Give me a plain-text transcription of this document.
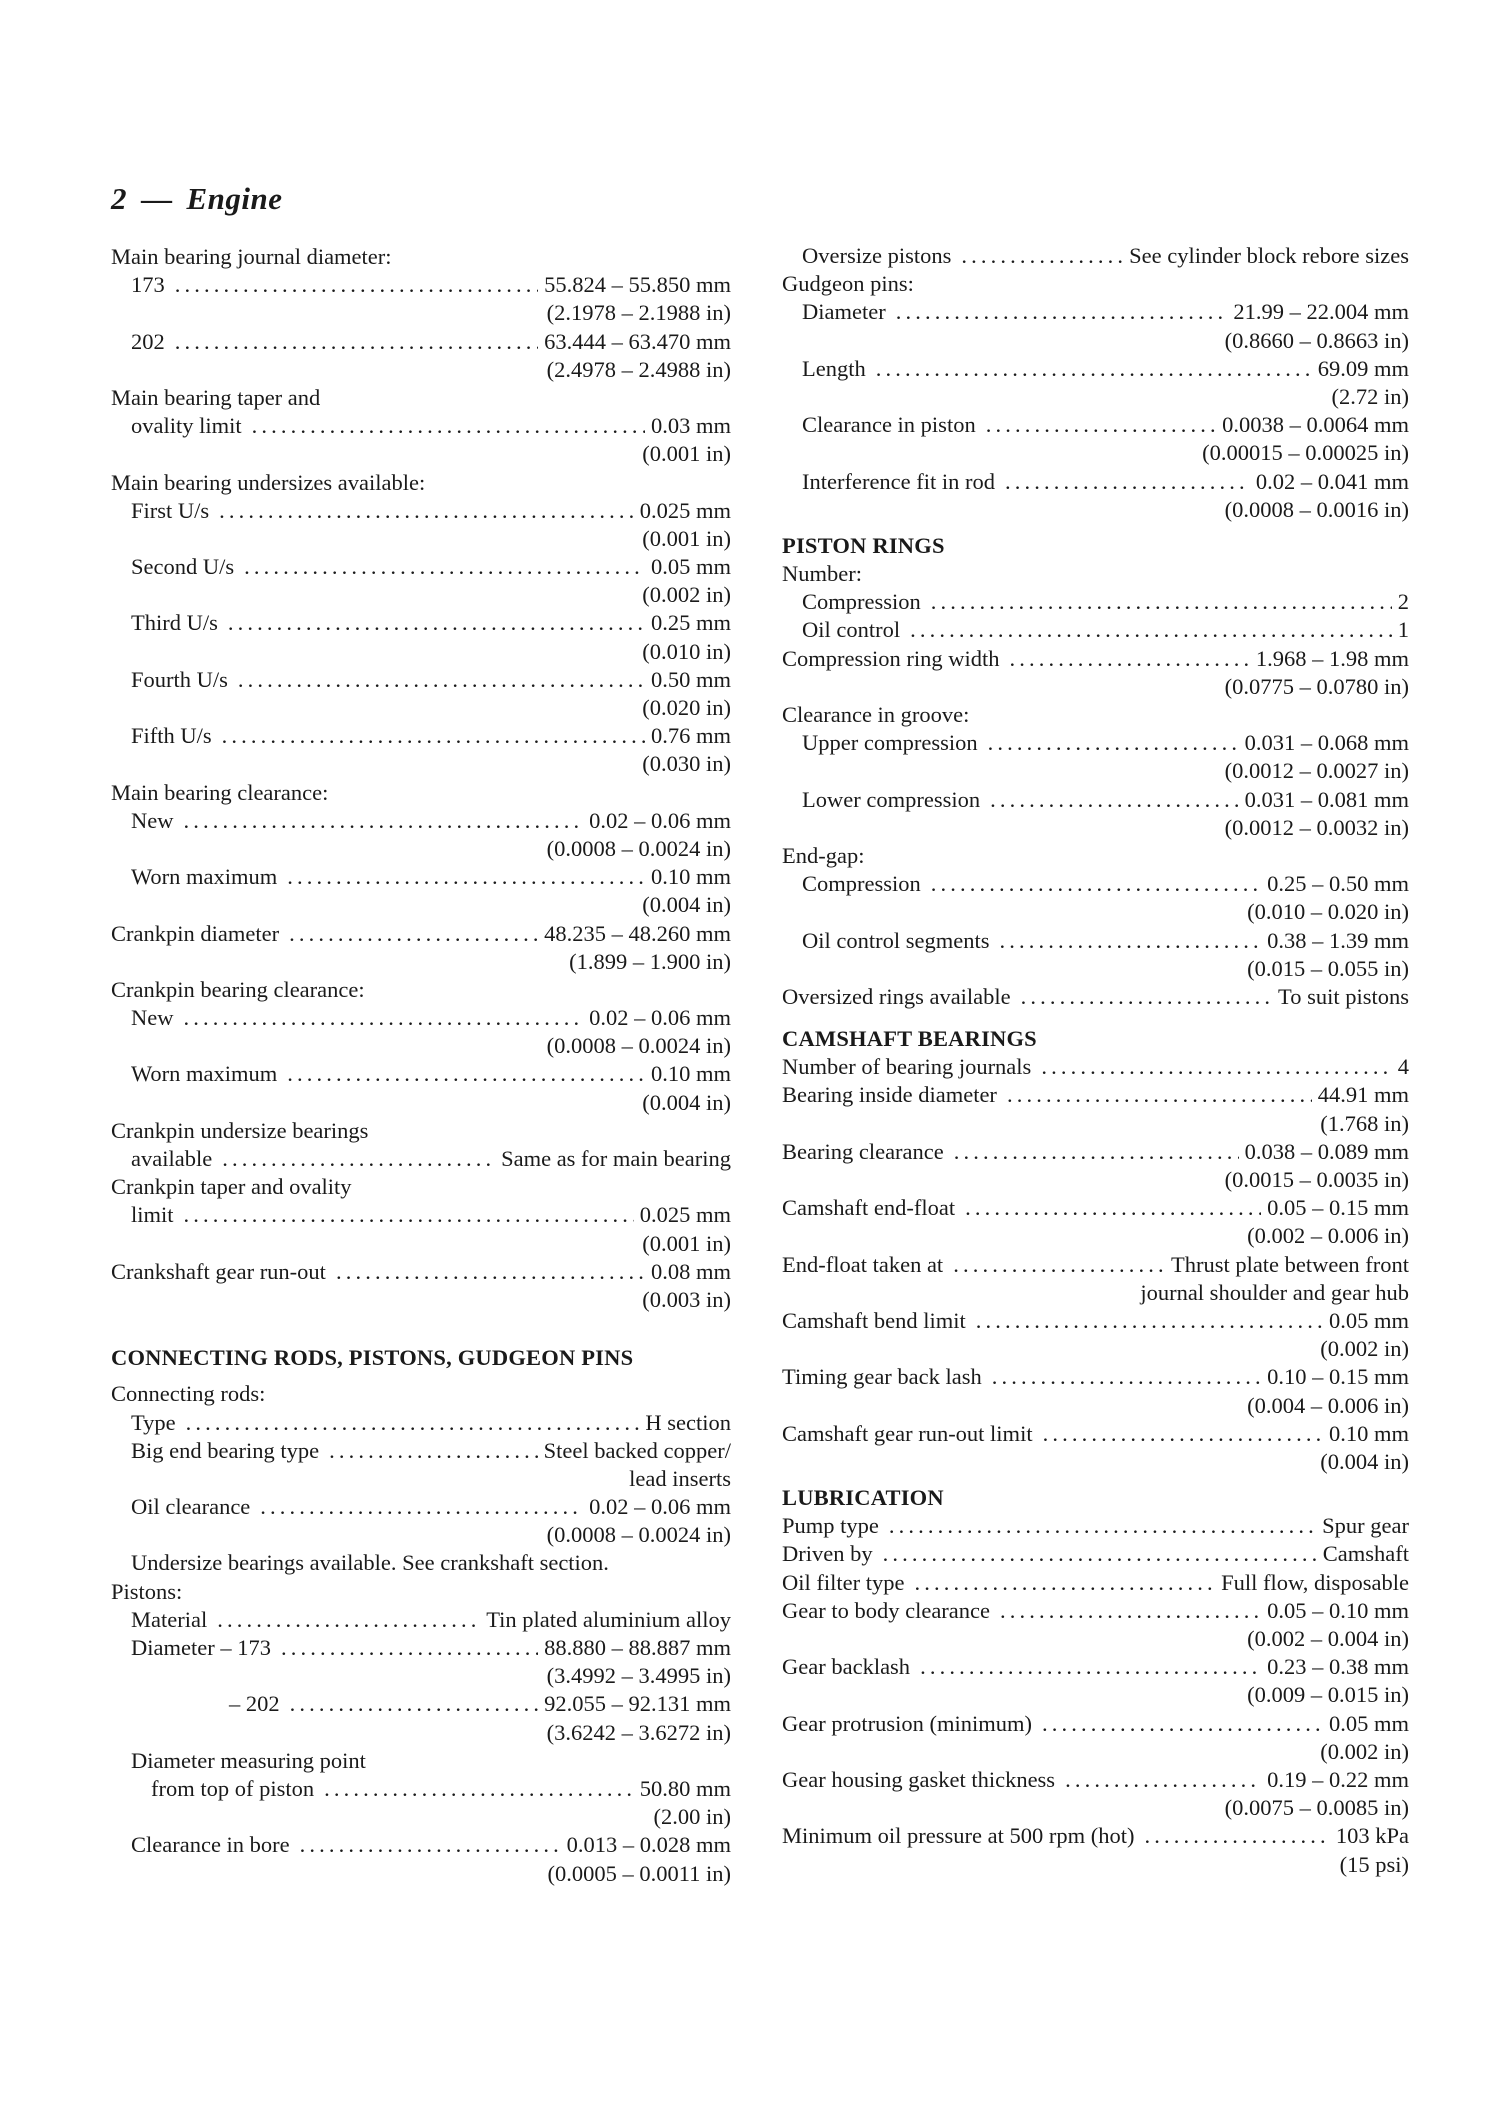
2 — Engine
Main bearing journal diameter:
173 . . .	55.824 – 55.850 mm
(2.1978 – 2.1988 in)
202 . . .	63.444 – 63.470 mm
(2.4978 – 2.4988 in)
Main bearing taper and
ovality limit . . .	0.03 mm
(0.001 in)
Main bearing undersizes available:
First U/s . . .	0.025 mm
(0.001 in)
Second U/s . . .	0.05 mm
(0.002 in)
Third U/s . . .	0.25 mm
(0.010 in)
Fourth U/s . . .	0.50 mm
(0.020 in)
Fifth U/s . . .	0.76 mm
(0.030 in)
Main bearing clearance:
New . . .	0.02 – 0.06 mm
(0.0008 – 0.0024 in)
Worn maximum . . .	0.10 mm
(0.004 in)
Crankpin diameter . . .	48.235 – 48.260 mm
(1.899 – 1.900 in)
Crankpin bearing clearance:
New . . .	0.02 – 0.06 mm
(0.0008 – 0.0024 in)
Worn maximum . . .	0.10 mm
(0.004 in)
Crankpin undersize bearings
available . . .	Same as for main bearing
Crankpin taper and ovality
limit . . .	0.025 mm
(0.001 in)
Crankshaft gear run-out . . .	0.08 mm
(0.003 in)
CONNECTING RODS, PISTONS, GUDGEON PINS
Connecting rods:
Type . . .	H section
Big end bearing type . . .	Steel backed copper/
lead inserts
Oil clearance . . .	0.02 – 0.06 mm
(0.0008 – 0.0024 in)
Undersize bearings available. See crankshaft section.
Pistons:
Material . . .	Tin plated aluminium alloy
Diameter – 173 . . .	88.880 – 88.887 mm
(3.4992 – 3.4995 in)
– 202 . . .	92.055 – 92.131 mm
(3.6242 – 3.6272 in)
Diameter measuring point
from top of piston . . .	50.80 mm
(2.00 in)
Clearance in bore . . .	0.013 – 0.028 mm
(0.0005 – 0.0011 in)
Oversize pistons . . .	See cylinder block rebore sizes
Gudgeon pins:
Diameter . . .	21.99 – 22.004 mm
(0.8660 – 0.8663 in)
Length . . .	69.09 mm
(2.72 in)
Clearance in piston . . .	0.0038 – 0.0064 mm
(0.00015 – 0.00025 in)
Interference fit in rod . . .	0.02 – 0.041 mm
(0.0008 – 0.0016 in)
PISTON RINGS
Number:
Compression . . .	2
Oil control . . .	1
Compression ring width . . .	1.968 – 1.98 mm
(0.0775 – 0.0780 in)
Clearance in groove:
Upper compression . . .	0.031 – 0.068 mm
(0.0012 – 0.0027 in)
Lower compression . . .	0.031 – 0.081 mm
(0.0012 – 0.0032 in)
End-gap:
Compression . . .	0.25 – 0.50 mm
(0.010 – 0.020 in)
Oil control segments . . .	0.38 – 1.39 mm
(0.015 – 0.055 in)
Oversized rings available . . .	To suit pistons
CAMSHAFT BEARINGS
Number of bearing journals . . .	4
Bearing inside diameter . . .	44.91 mm
(1.768 in)
Bearing clearance . . .	0.038 – 0.089 mm
(0.0015 – 0.0035 in)
Camshaft end-float . . .	0.05 – 0.15 mm
(0.002 – 0.006 in)
End-float taken at . . .	Thrust plate between front
journal shoulder and gear hub
Camshaft bend limit . . .	0.05 mm
(0.002 in)
Timing gear back lash . . .	0.10 – 0.15 mm
(0.004 – 0.006 in)
Camshaft gear run-out limit . . .	0.10 mm
(0.004 in)
LUBRICATION
Pump type . . .	Spur gear
Driven by . . .	Camshaft
Oil filter type . . .	Full flow, disposable
Gear to body clearance . . .	0.05 – 0.10 mm
(0.002 – 0.004 in)
Gear backlash . . .	0.23 – 0.38 mm
(0.009 – 0.015 in)
Gear protrusion (minimum) . . .	0.05 mm
(0.002 in)
Gear housing gasket thickness . . .	0.19 – 0.22 mm
(0.0075 – 0.0085 in)
Minimum oil pressure at 500 rpm (hot) . . .	103 kPa
(15 psi)
